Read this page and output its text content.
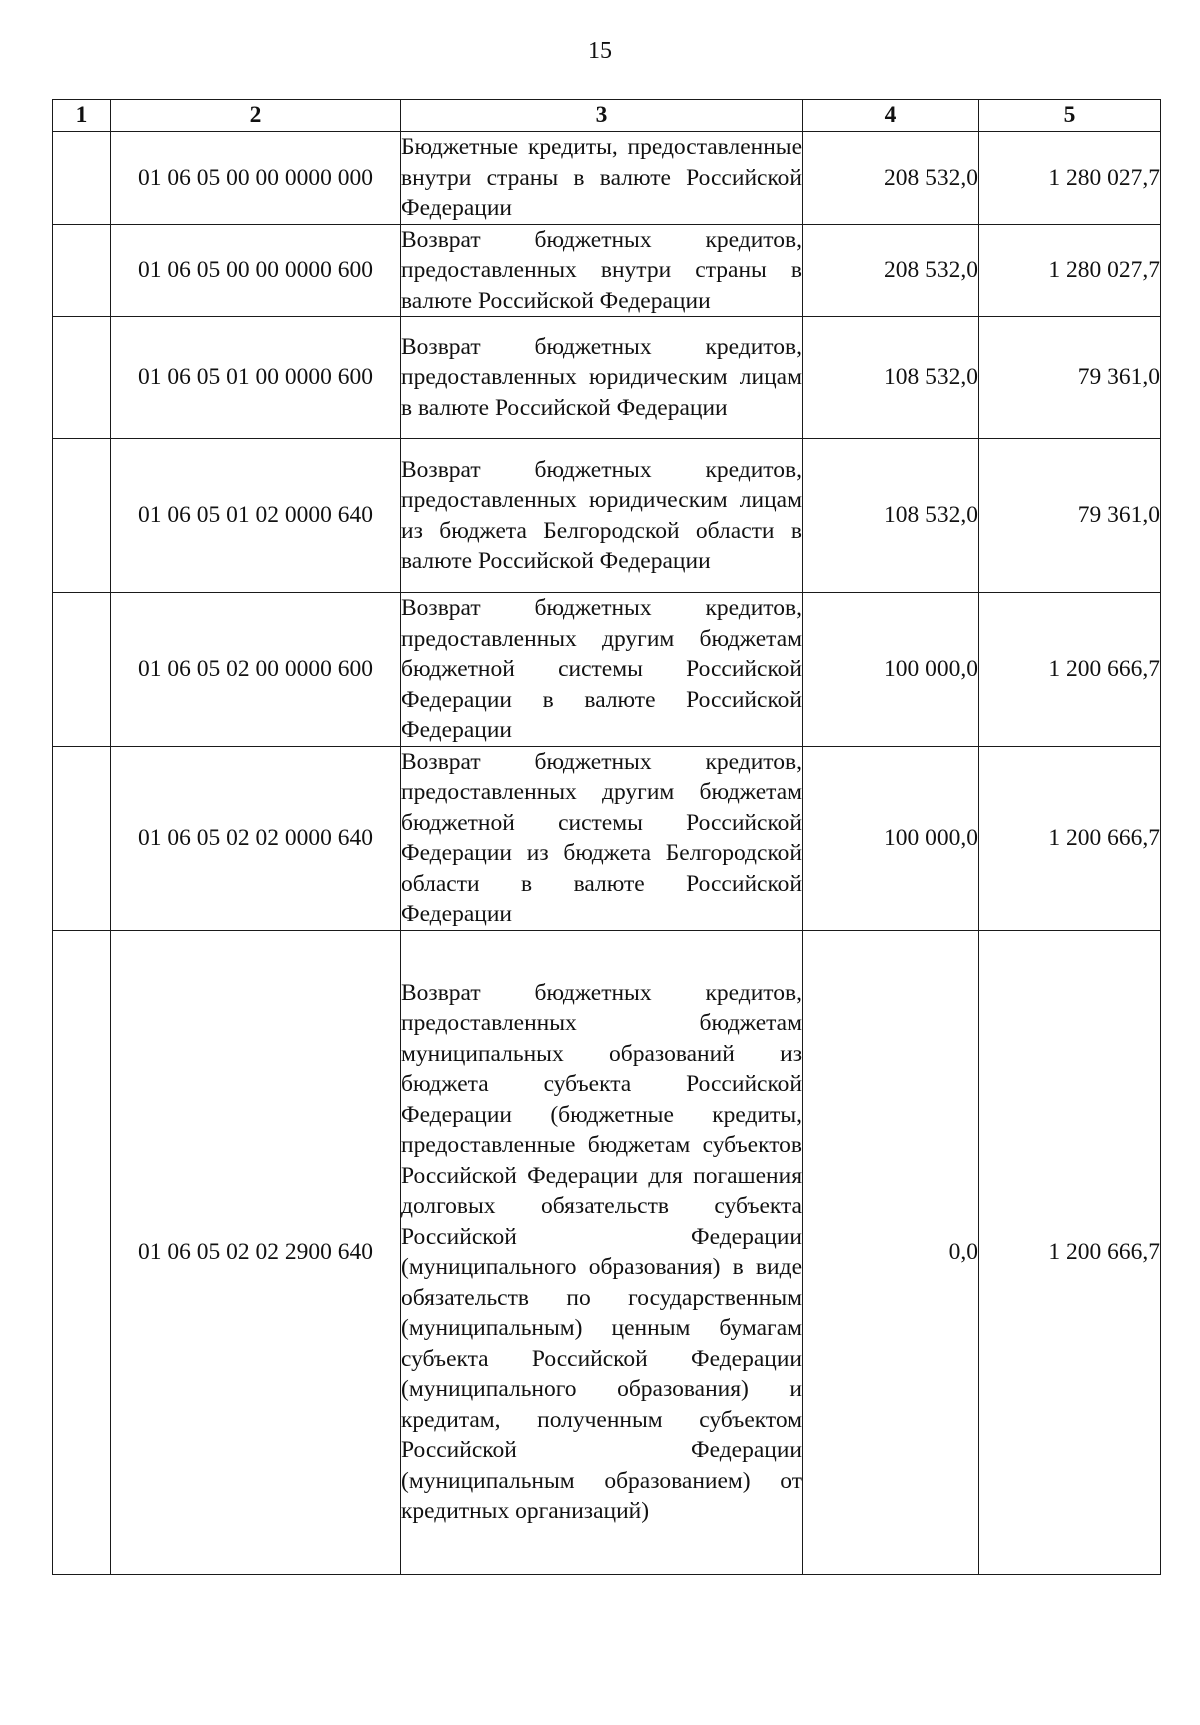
15
1	2	3	4	5
	01 06 05 00 00 0000 000	Бюджетные кредиты, предоставленные внутри страны в валюте Российской Федерации	208 532,0	1 280 027,7
	01 06 05 00 00 0000 600	Возврат бюджетных кредитов, предоставленных внутри страны в валюте Российской Федерации	208 532,0	1 280 027,7
	01 06 05 01 00 0000 600	Возврат бюджетных кредитов, предоставленных юридическим лицам в валюте Российской Федерации	108 532,0	79 361,0
	01 06 05 01 02 0000 640	Возврат бюджетных кредитов, предоставленных юридическим лицам из бюджета Белгородской области в валюте Российской Федерации	108 532,0	79 361,0
	01 06 05 02 00 0000 600	Возврат бюджетных кредитов, предоставленных другим бюджетам бюджетной системы Российской Федерации в валюте Российской Федерации	100 000,0	1 200 666,7
	01 06 05 02 02 0000 640	Возврат бюджетных кредитов, предоставленных другим бюджетам бюджетной системы Российской Федерации из бюджета Белгородской области в валюте Российской Федерации	100 000,0	1 200 666,7
	01 06 05 02 02 2900 640	Возврат бюджетных кредитов, предоставленных бюджетам муниципальных образований из бюджета субъекта Российской Федерации (бюджетные кредиты, предоставленные бюджетам субъектов Российской Федерации для погашения долговых обязательств субъекта Российской Федерации (муниципального образования) в виде обязательств по государственным (муниципальным) ценным бумагам субъекта Российской Федерации (муниципального образования) и кредитам, полученным субъектом Российской Федерации (муниципальным образованием) от кредитных организаций)	0,0	1 200 666,7
